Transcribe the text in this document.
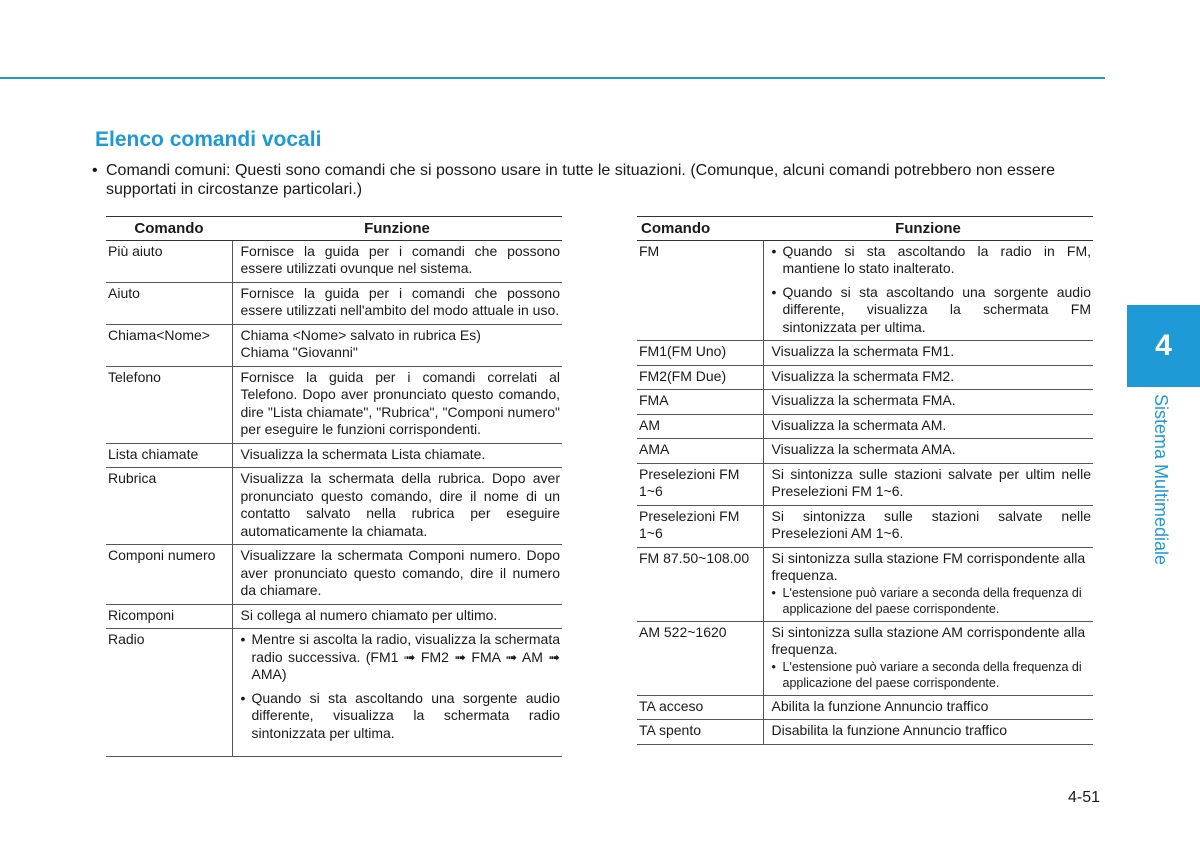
Elenco comandi vocali

• Comandi comuni: Questi sono comandi che si possono usare in tutte le situazioni. (Comunque, alcuni comandi potrebbero non essere supportati in circostanze particolari.)

Comando	Funzione
Più aiuto	Fornisce la guida per i comandi che possono essere utilizzati ovunque nel sistema.
Aiuto	Fornisce la guida per i comandi che possono essere utilizzati nell'ambito del modo attuale in uso.
Chiama<Nome>	Chiama <Nome> salvato in rubrica Es)
Chiama "Giovanni"
Telefono	Fornisce la guida per i comandi correlati al Telefono. Dopo aver pronunciato questo comando, dire "Lista chiamate", "Rubrica", "Componi numero" per eseguire le funzioni corrispondenti.
Lista chiamate	Visualizza la schermata Lista chiamate.
Rubrica	Visualizza la schermata della rubrica. Dopo aver pronunciato questo comando, dire il nome di un contatto salvato nella rubrica per eseguire automaticamente la chiamata.
Componi numero	Visualizzare la schermata Componi numero. Dopo aver pronunciato questo comando, dire il numero da chiamare.
Ricomponi	Si collega al numero chiamato per ultimo.
Radio	• Mentre si ascolta la radio, visualizza la schermata radio successiva. (FM1 ➟ FM2 ➟ FMA ➟ AM ➟ AMA)
• Quando si sta ascoltando una sorgente audio differente, visualizza la schermata radio sintonizzata per ultima.
Comando	Funzione
FM	• Quando si sta ascoltando la radio in FM, mantiene lo stato inalterato.
• Quando si sta ascoltando una sorgente audio differente, visualizza la schermata FM sintonizzata per ultima.

FM1(FM Uno)	Visualizza la schermata FM1.
FM2(FM Due)	Visualizza la schermata FM2.
FMA	Visualizza la schermata FMA.
AM	Visualizza la schermata AM.
AMA	Visualizza la schermata AMA.
Preselezioni FM 1~6	Si sintonizza sulle stazioni salvate per ultim nelle Preselezioni FM 1~6.
Preselezioni FM 1~6	Si sintonizza sulle stazioni salvate nelle Preselezioni AM 1~6.
FM 87.50~108.00	Si sintonizza sulla stazione FM corrispondente alla frequenza.
• L'estensione può variare a seconda della frequenza di applicazione del paese corrispondente.

AM 522~1620	Si sintonizza sulla stazione AM corrispondente alla frequenza.
• L'estensione può variare a seconda della frequenza di applicazione del paese corrispondente.

TA acceso	Abilita la funzione Annuncio traffico
TA spento	Disabilita la funzione Annuncio traffico
4
Sistema Multimediale
4-51
